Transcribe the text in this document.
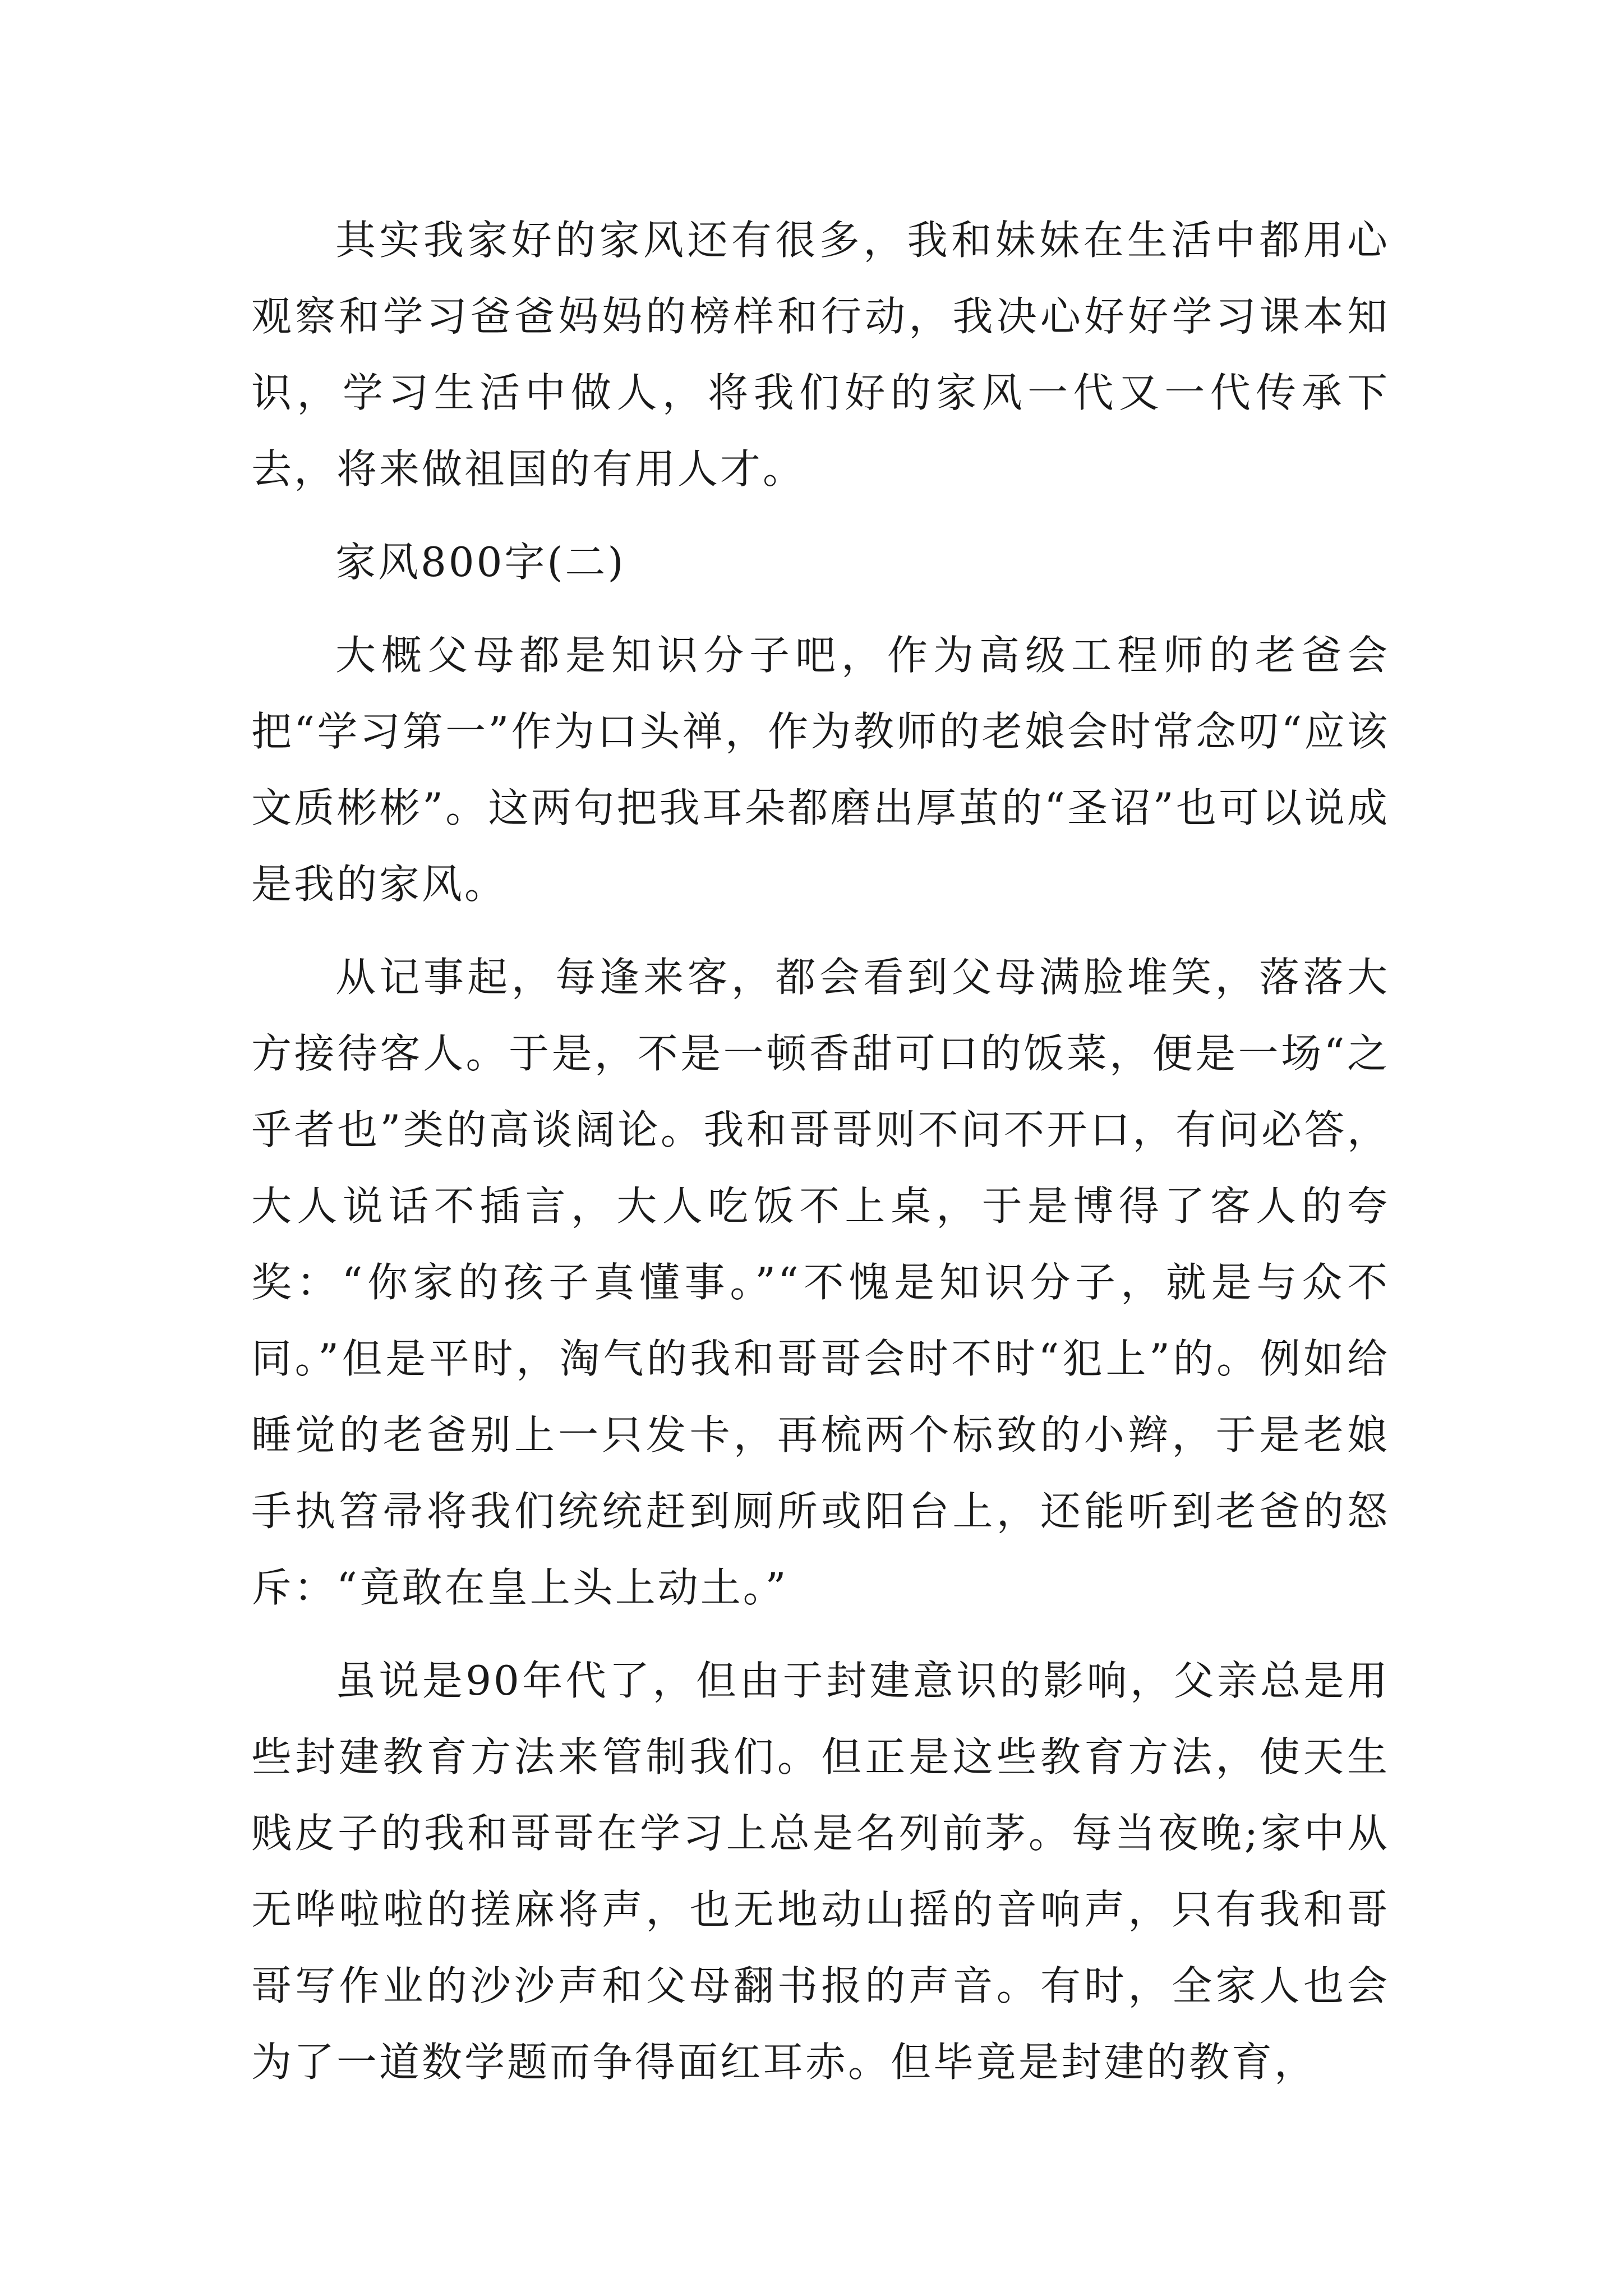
其实我家好的家风还有很多，我和妹妹在生活中都用心观察和学习爸爸妈妈的榜样和行动，我决心好好学习课本知识，学习生活中做人，将我们好的家风一代又一代传承下去，将来做祖国的有用人才。

家风800字(二)

大概父母都是知识分子吧，作为高级工程师的老爸会把“学习第一”作为口头禅，作为教师的老娘会时常念叨“应该文质彬彬”。这两句把我耳朵都磨出厚茧的“圣诏”也可以说成是我的家风。

从记事起，每逢来客，都会看到父母满脸堆笑，落落大方接待客人。于是，不是一顿香甜可口的饭菜，便是一场“之乎者也”类的高谈阔论。我和哥哥则不问不开口，有问必答，大人说话不插言，大人吃饭不上桌，于是博得了客人的夸奖：“你家的孩子真懂事。”“不愧是知识分子，就是与众不同。”但是平时，淘气的我和哥哥会时不时“犯上”的。例如给睡觉的老爸别上一只发卡，再梳两个标致的小辫，于是老娘手执笤帚将我们统统赶到厕所或阳台上，还能听到老爸的怒斥：“竟敢在皇上头上动土。”

虽说是90年代了，但由于封建意识的影响，父亲总是用些封建教育方法来管制我们。但正是这些教育方法，使天生贱皮子的我和哥哥在学习上总是名列前茅。每当夜晚;家中从无哗啦啦的搓麻将声，也无地动山摇的音响声，只有我和哥哥写作业的沙沙声和父母翻书报的声音。有时，全家人也会为了一道数学题而争得面红耳赤。但毕竟是封建的教育，
